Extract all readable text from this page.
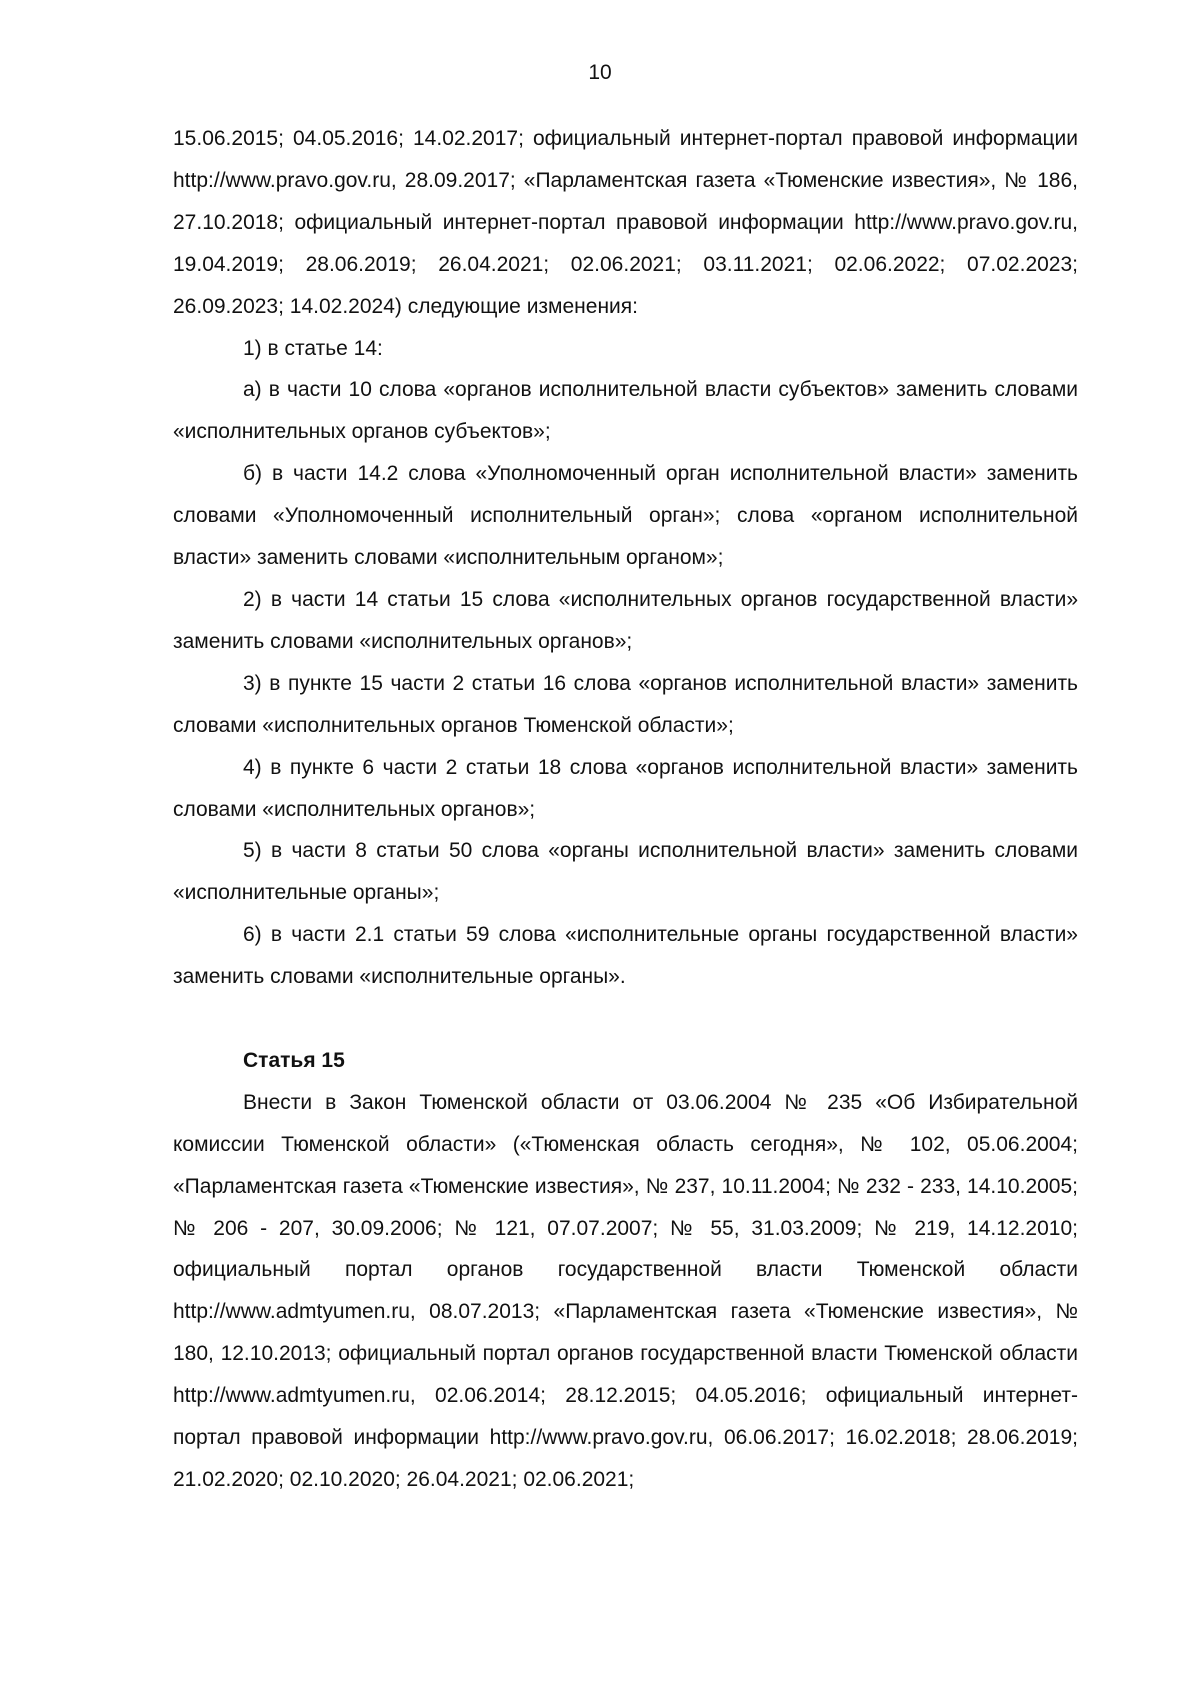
10

15.06.2015; 04.05.2016; 14.02.2017; официальный интернет-портал правовой информации http://www.pravo.gov.ru, 28.09.2017; «Парламентская газета «Тюменские известия», № 186, 27.10.2018; официальный интернет-портал правовой информации http://www.pravo.gov.ru, 19.04.2019; 28.06.2019; 26.04.2021; 02.06.2021; 03.11.2021; 02.06.2022; 07.02.2023; 26.09.2023; 14.02.2024) следующие изменения:

1) в статье 14:

а) в части 10 слова «органов исполнительной власти субъектов» заменить словами «исполнительных органов субъектов»;

б) в части 14.2 слова «Уполномоченный орган исполнительной власти» заменить словами «Уполномоченный исполнительный орган»; слова «органом исполнительной власти» заменить словами «исполнительным органом»;

2) в части 14 статьи 15 слова «исполнительных органов государственной власти» заменить словами «исполнительных органов»;

3) в пункте 15 части 2 статьи 16 слова «органов исполнительной власти» заменить словами «исполнительных органов Тюменской области»;

4) в пункте 6 части 2 статьи 18 слова «органов исполнительной власти» заменить словами «исполнительных органов»;

5) в части 8 статьи 50 слова «органы исполнительной власти» заменить словами «исполнительные органы»;

6) в части 2.1 статьи 59 слова «исполнительные органы государственной власти» заменить словами «исполнительные органы».

Статья 15

Внести в Закон Тюменской области от 03.06.2004 № 235 «Об Избирательной комиссии Тюменской области» («Тюменская область сегодня», № 102, 05.06.2004; «Парламентская газета «Тюменские известия», № 237, 10.11.2004; № 232 - 233, 14.10.2005; № 206 - 207, 30.09.2006; № 121, 07.07.2007; № 55, 31.03.2009; № 219, 14.12.2010; официальный портал органов государственной власти Тюменской области http://www.admtyumen.ru, 08.07.2013; «Парламентская газета «Тюменские известия», № 180, 12.10.2013; официальный портал органов государственной власти Тюменской области http://www.admtyumen.ru, 02.06.2014; 28.12.2015; 04.05.2016; официальный интернет-портал правовой информации http://www.pravo.gov.ru, 06.06.2017; 16.02.2018; 28.06.2019; 21.02.2020; 02.10.2020; 26.04.2021; 02.06.2021;
